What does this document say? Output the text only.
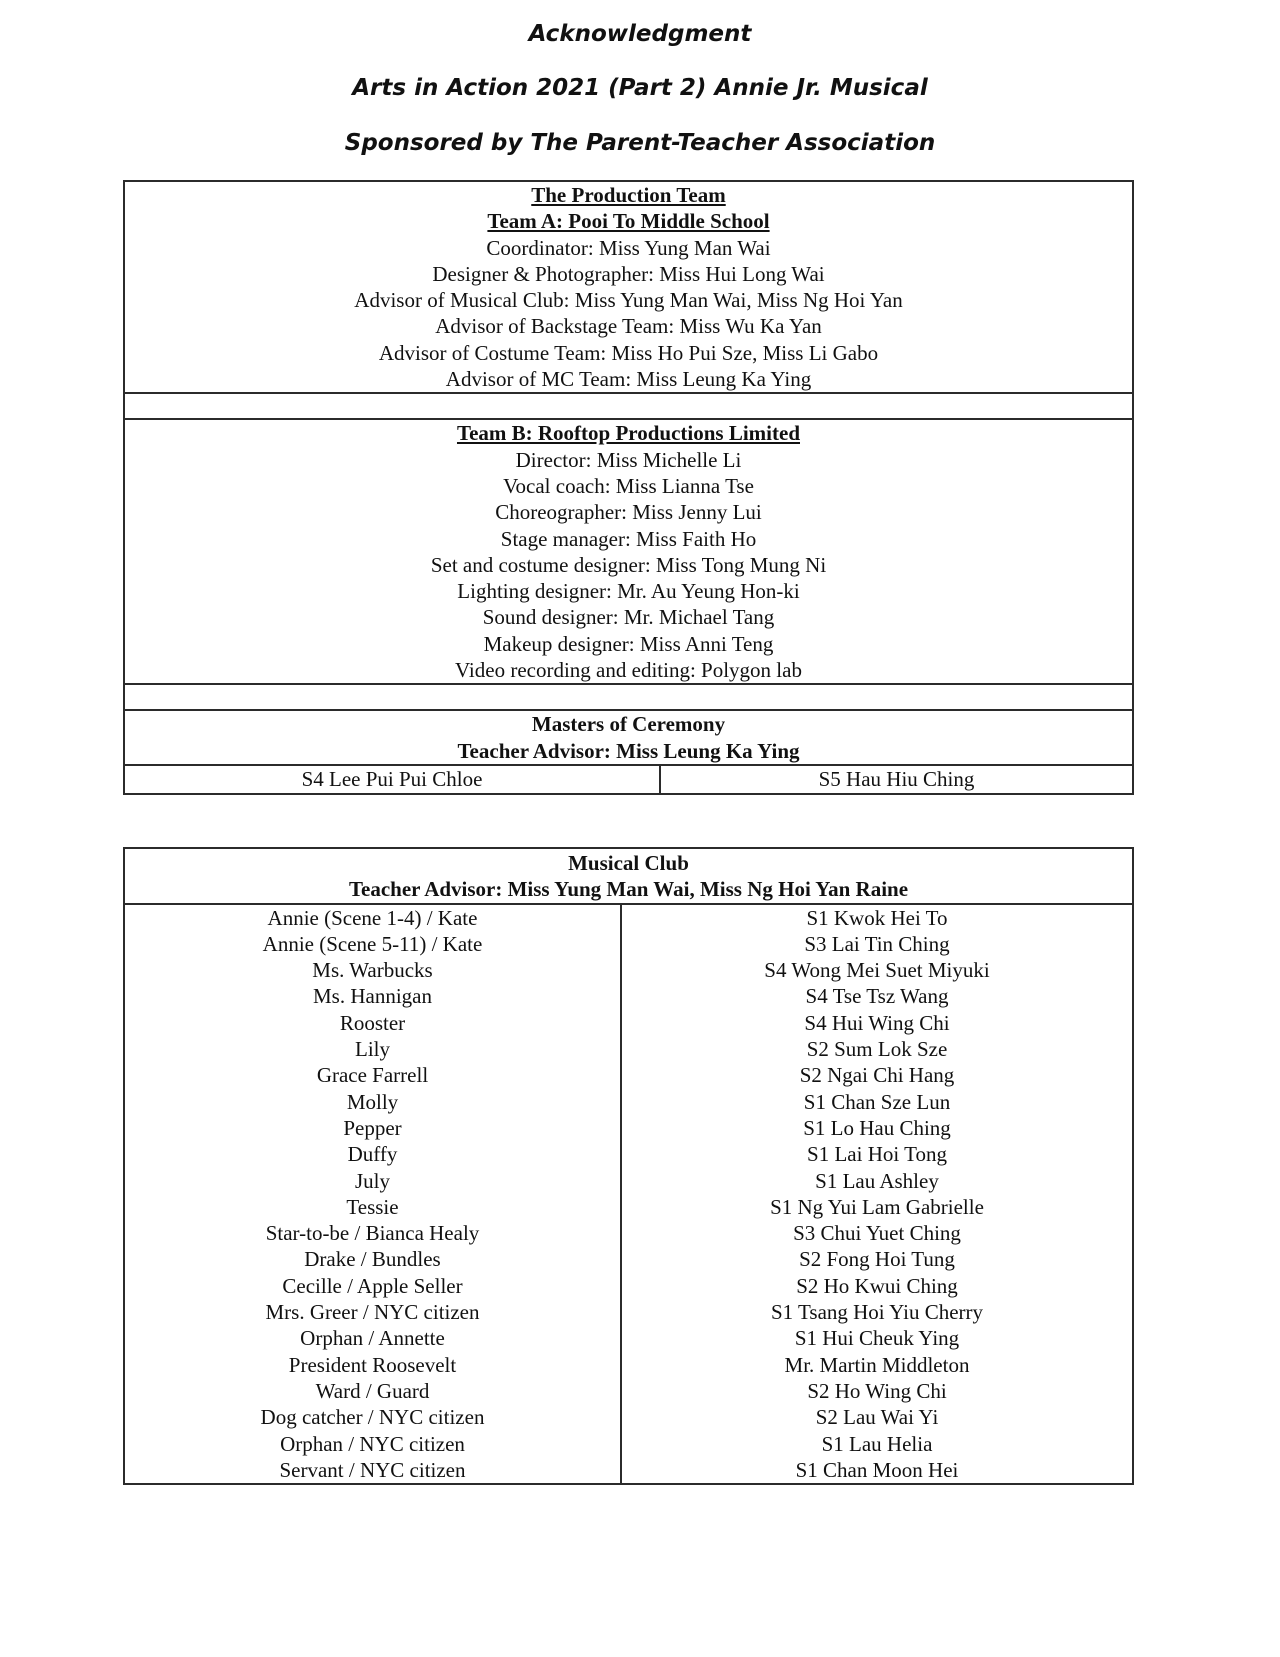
Acknowledgment
Arts in Action 2021 (Part 2) Annie Jr. Musical
Sponsored by The Parent-Teacher Association
The Production Team
Team A: Pooi To Middle School
Coordinator: Miss Yung Man Wai
Designer & Photographer: Miss Hui Long Wai
Advisor of Musical Club: Miss Yung Man Wai, Miss Ng Hoi Yan
Advisor of Backstage Team: Miss Wu Ka Yan
Advisor of Costume Team: Miss Ho Pui Sze, Miss Li Gabo
Advisor of MC Team: Miss Leung Ka Ying
Team B: Rooftop Productions Limited
Director: Miss Michelle Li
Vocal coach: Miss Lianna Tse
Choreographer: Miss Jenny Lui
Stage manager: Miss Faith Ho
Set and costume designer: Miss Tong Mung Ni
Lighting designer: Mr. Au Yeung Hon-ki
Sound designer: Mr. Michael Tang
Makeup designer: Miss Anni Teng
Video recording and editing: Polygon lab
Masters of Ceremony
Teacher Advisor: Miss Leung Ka Ying
S4 Lee Pui Pui Chloe	S5 Hau Hiu Ching
Musical Club
Teacher Advisor: Miss Yung Man Wai, Miss Ng Hoi Yan Raine
Annie (Scene 1-4) / Kate
Annie (Scene 5-11) / Kate
Ms. Warbucks
Ms. Hannigan
Rooster
Lily
Grace Farrell
Molly
Pepper
Duffy
July
Tessie
Star-to-be / Bianca Healy
Drake / Bundles
Cecille / Apple Seller
Mrs. Greer / NYC citizen
Orphan / Annette
President Roosevelt
Ward / Guard
Dog catcher / NYC citizen
Orphan / NYC citizen
Servant / NYC citizen
S1 Kwok Hei To
S3 Lai Tin Ching
S4 Wong Mei Suet Miyuki
S4 Tse Tsz Wang
S4 Hui Wing Chi
S2 Sum Lok Sze
S2 Ngai Chi Hang
S1 Chan Sze Lun
S1 Lo Hau Ching
S1 Lai Hoi Tong
S1 Lau Ashley
S1 Ng Yui Lam Gabrielle
S3 Chui Yuet Ching
S2 Fong Hoi Tung
S2 Ho Kwui Ching
S1 Tsang Hoi Yiu Cherry
S1 Hui Cheuk Ying
Mr. Martin Middleton
S2 Ho Wing Chi
S2 Lau Wai Yi
S1 Lau Helia
S1 Chan Moon Hei
